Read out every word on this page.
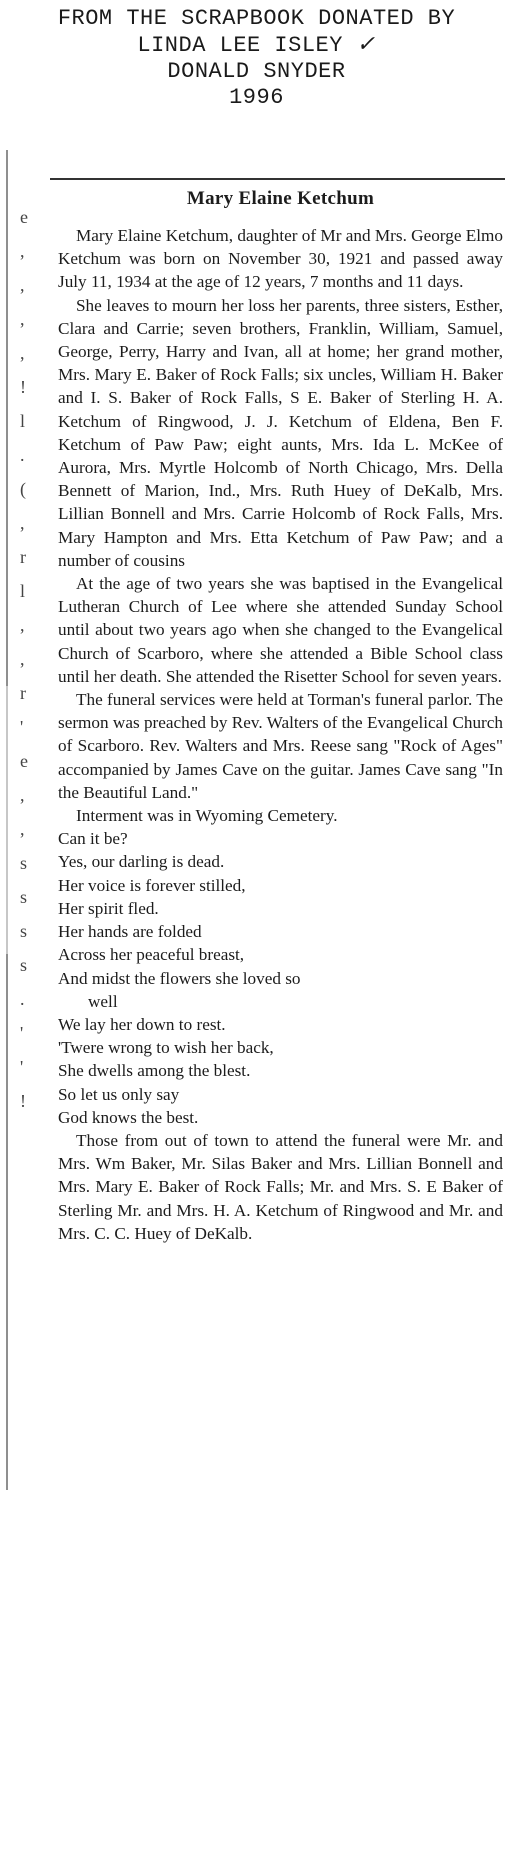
FROM THE SCRAPBOOK DONATED BY
LINDA LEE ISLEY ✓
DONALD SNYDER
1996
e
,
,
,
,
!
l
.
(
,
r
l
,
,
r
'
e
,
,
s
s
s
s
.
'
'
!
Mary Elaine Ketchum

Mary Elaine Ketchum, daughter of Mr and Mrs. George Elmo Ketchum was born on November 30, 1921 and passed away July 11, 1934 at the age of 12 years, 7 months and 11 days.

She leaves to mourn her loss her parents, three sisters, Esther, Clara and Carrie; seven brothers, Franklin, William, Samuel, George, Perry, Harry and Ivan, all at home; her grand mother, Mrs. Mary E. Baker of Rock Falls; six uncles, William H. Baker and I. S. Baker of Rock Falls, S E. Baker of Sterling H. A. Ketchum of Ringwood, J. J. Ketchum of Eldena, Ben F. Ketchum of Paw Paw; eight aunts, Mrs. Ida L. McKee of Aurora, Mrs. Myrtle Holcomb of North Chicago, Mrs. Della Bennett of Marion, Ind., Mrs. Ruth Huey of DeKalb, Mrs. Lillian Bonnell and Mrs. Carrie Holcomb of Rock Falls, Mrs. Mary Hampton and Mrs. Etta Ketchum of Paw Paw; and a number of cousins

At the age of two years she was baptised in the Evangelical Lutheran Church of Lee where she attended Sunday School until about two years ago when she changed to the Evangelical Church of Scarboro, where she attended a Bible School class until her death. She attended the Risetter School for seven years.

The funeral services were held at Torman's funeral parlor. The sermon was preached by Rev. Walters of the Evangelical Church of Scarboro. Rev. Walters and Mrs. Reese sang "Rock of Ages" accompanied by James Cave on the guitar. James Cave sang "In the Beautiful Land."

Interment was in Wyoming Cemetery.

Can it be?
Yes, our darling is dead.
Her voice is forever stilled,
Her spirit fled.
Her hands are folded
Across her peaceful breast,
And midst the flowers she loved so
well
We lay her down to rest.
'Twere wrong to wish her back,
She dwells among the blest.
So let us only say
God knows the best.

Those from out of town to attend the funeral were Mr. and Mrs. Wm Baker, Mr. Silas Baker and Mrs. Lillian Bonnell and Mrs. Mary E. Baker of Rock Falls; Mr. and Mrs. S. E Baker of Sterling Mr. and Mrs. H. A. Ketchum of Ringwood and Mr. and Mrs. C. C. Huey of DeKalb.
